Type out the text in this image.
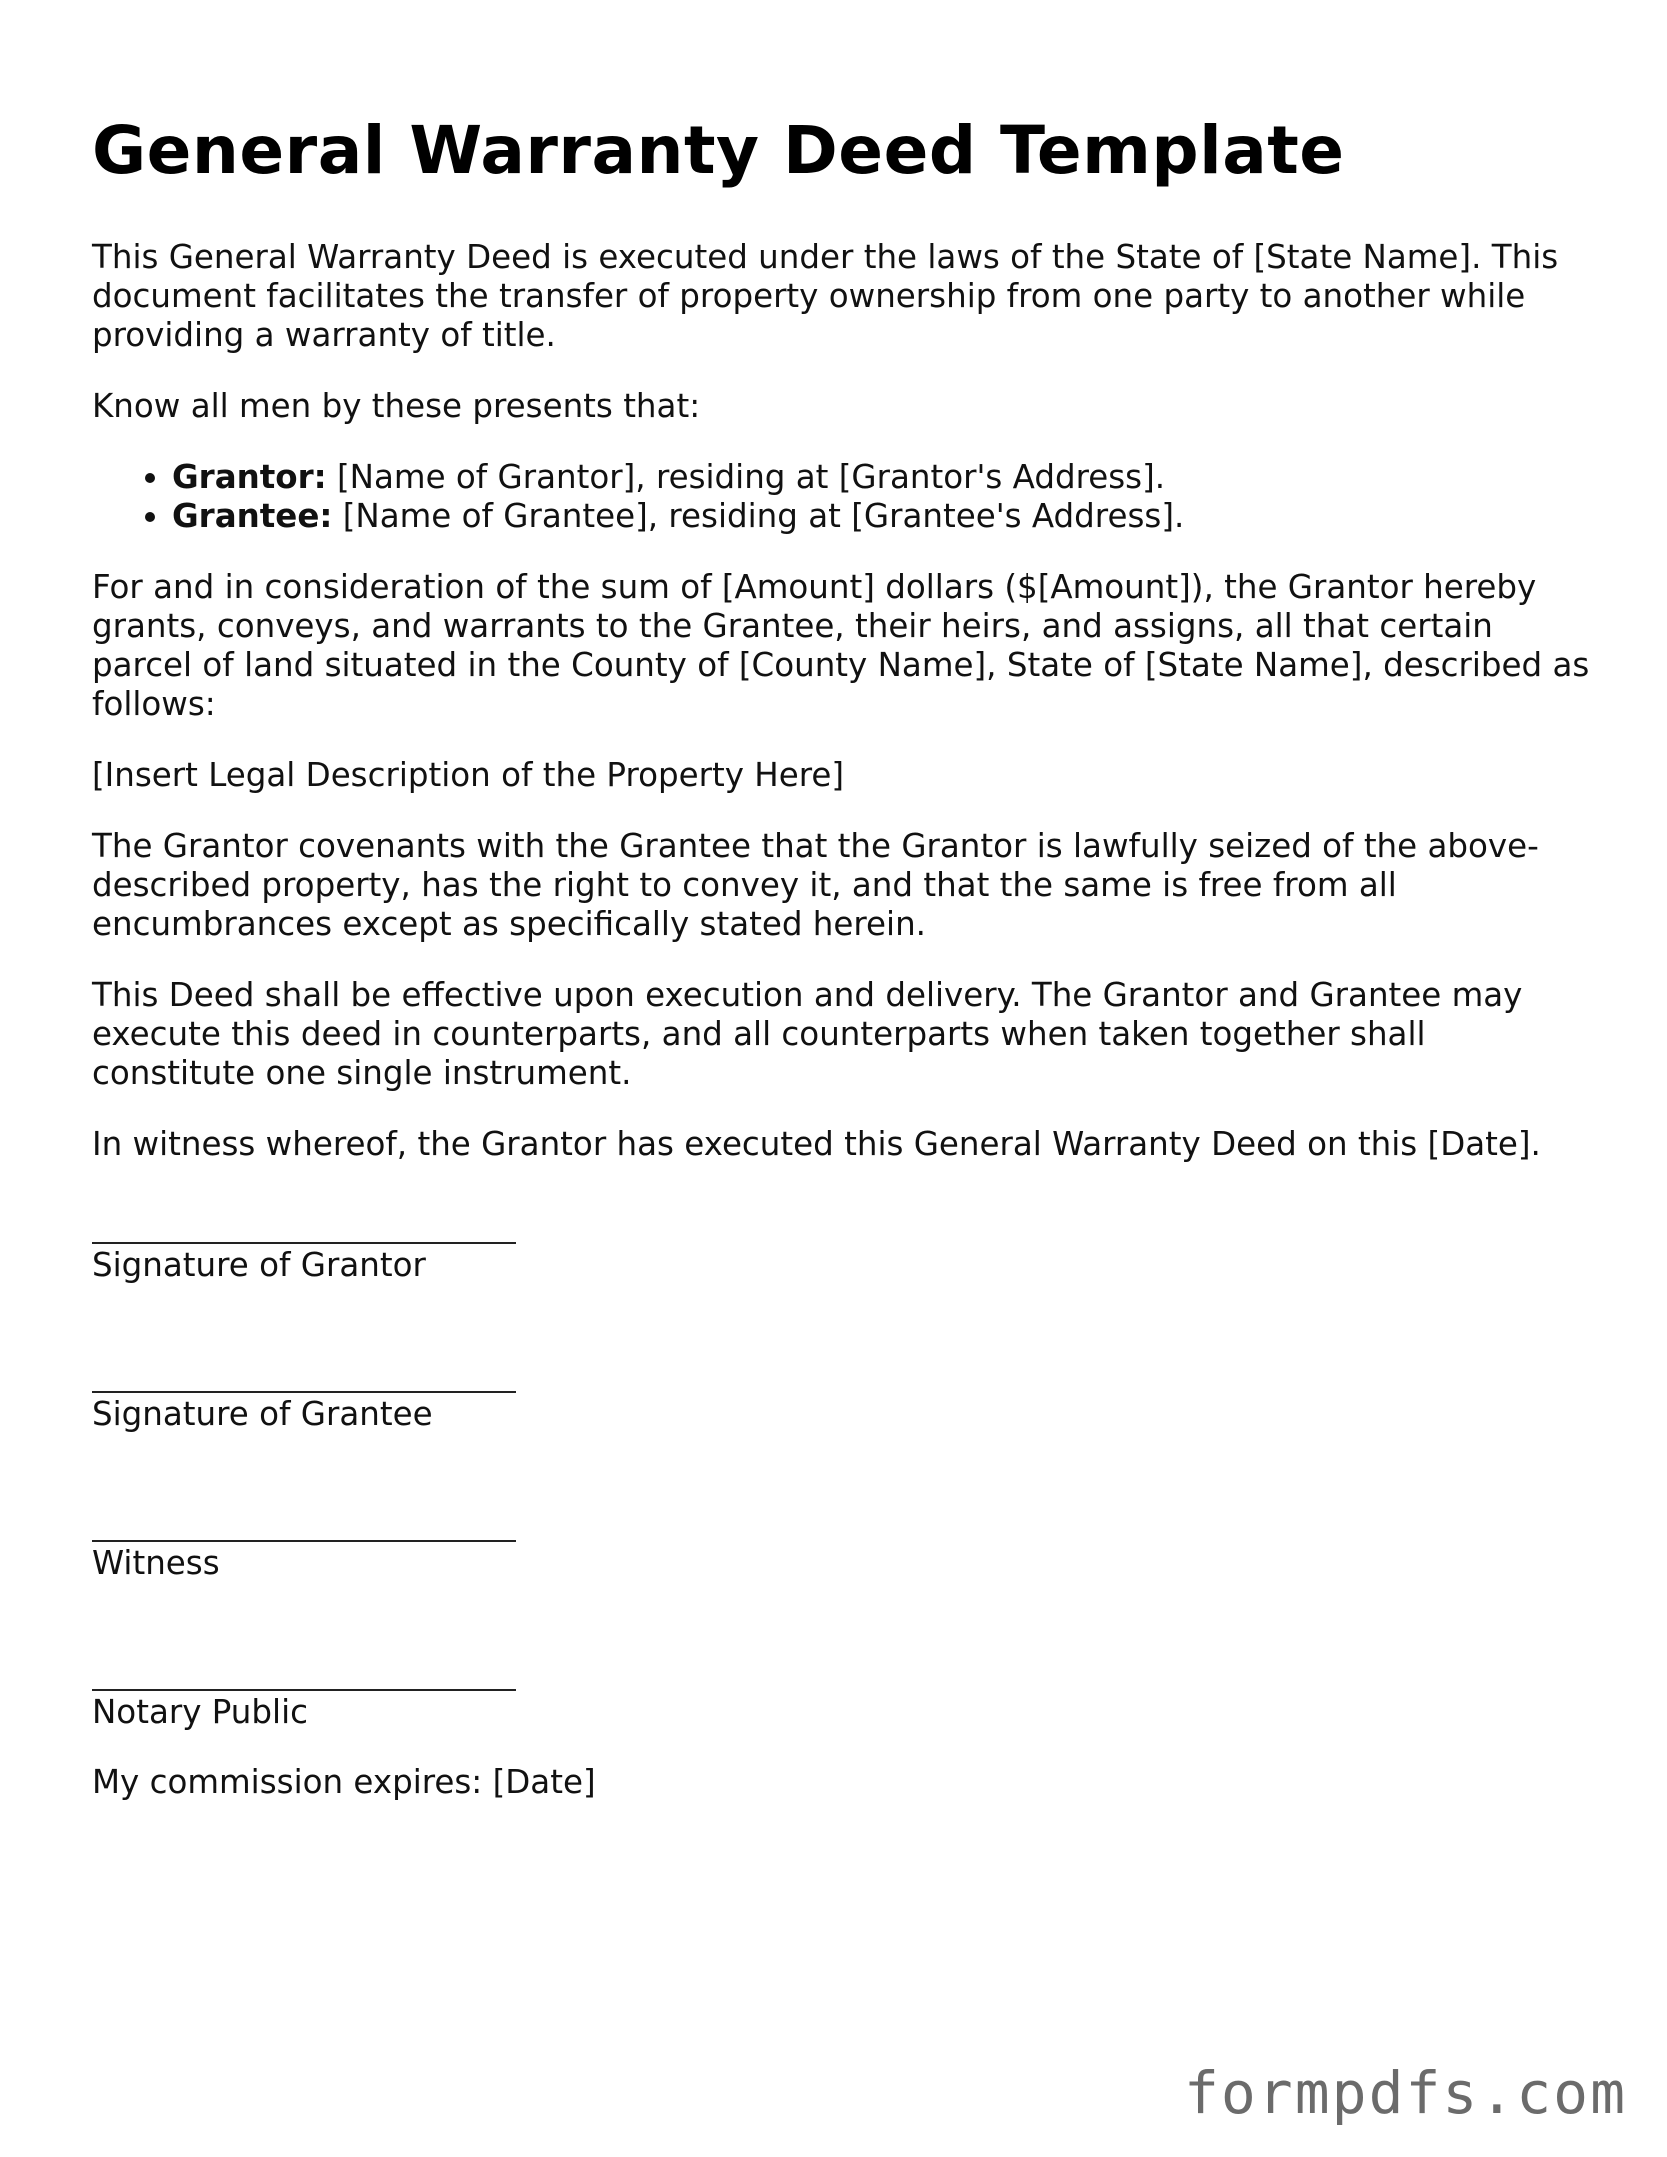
General Warranty Deed Template

This General Warranty Deed is executed under the laws of the State of [State Name]. This document facilitates the transfer of property ownership from one party to another while providing a warranty of title.

Know all men by these presents that:

• Grantor: [Name of Grantor], residing at [Grantor's Address].
• Grantee: [Name of Grantee], residing at [Grantee's Address].

For and in consideration of the sum of [Amount] dollars ($[Amount]), the Grantor hereby grants, conveys, and warrants to the Grantee, their heirs, and assigns, all that certain parcel of land situated in the County of [County Name], State of [State Name], described as follows:

[Insert Legal Description of the Property Here]

The Grantor covenants with the Grantee that the Grantor is lawfully seized of the above-described property, has the right to convey it, and that the same is free from all encumbrances except as specifically stated herein.

This Deed shall be effective upon execution and delivery. The Grantor and Grantee may execute this deed in counterparts, and all counterparts when taken together shall constitute one single instrument.

In witness whereof, the Grantor has executed this General Warranty Deed on this [Date].

Signature of Grantor
Signature of Grantee
Witness
Notary Public

My commission expires: [Date]

formpdfs.com
